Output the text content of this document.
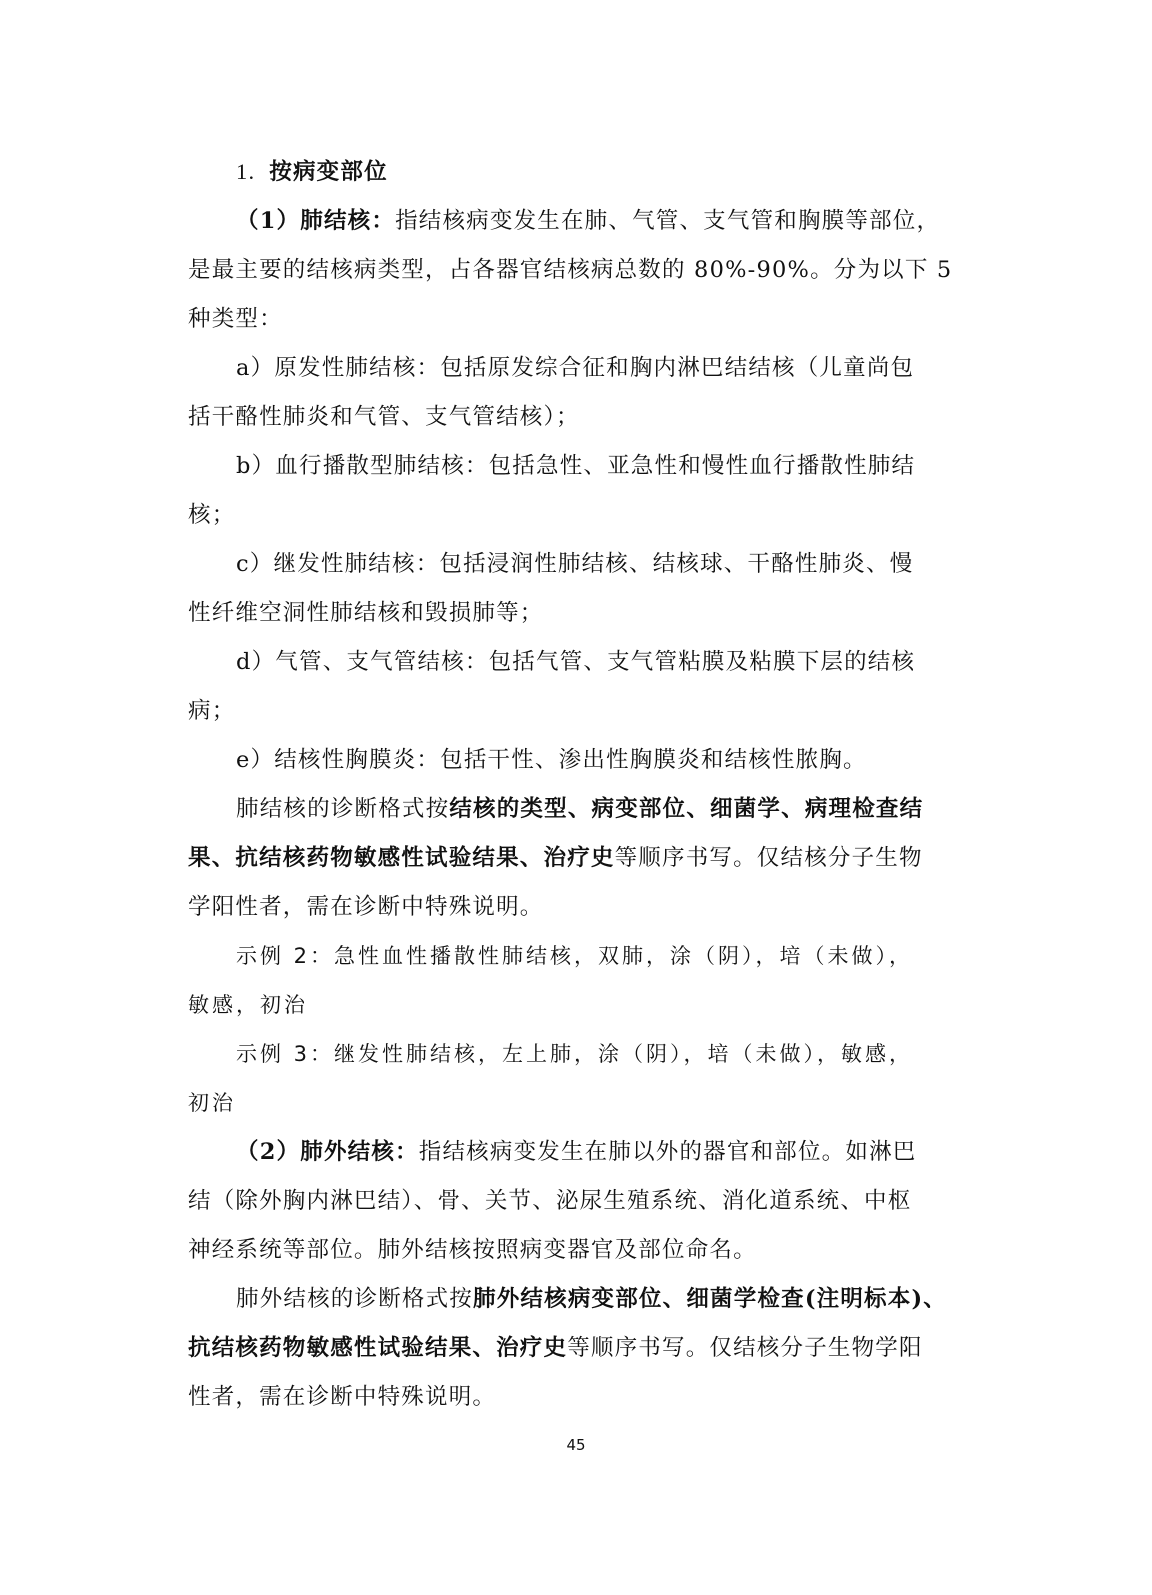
1. 按病变部位
（1）肺结核：指结核病变发生在肺、气管、支气管和胸膜等部位，
是最主要的结核病类型，占各器官结核病总数的 80%-90%。分为以下 5
种类型：
a）原发性肺结核：包括原发综合征和胸内淋巴结结核（儿童尚包
括干酪性肺炎和气管、支气管结核）；
b）血行播散型肺结核：包括急性、亚急性和慢性血行播散性肺结
核；
c）继发性肺结核：包括浸润性肺结核、结核球、干酪性肺炎、慢
性纤维空洞性肺结核和毁损肺等；
d）气管、支气管结核：包括气管、支气管粘膜及粘膜下层的结核
病；
e）结核性胸膜炎：包括干性、渗出性胸膜炎和结核性脓胸。
肺结核的诊断格式按结核的类型、病变部位、细菌学、病理检查结
果、抗结核药物敏感性试验结果、治疗史等顺序书写。仅结核分子生物
学阳性者，需在诊断中特殊说明。
示例 2：急性血性播散性肺结核，双肺，涂（阴），培（未做），
敏感，初治
示例 3：继发性肺结核，左上肺，涂（阴），培（未做），敏感，
初治
（2）肺外结核：指结核病变发生在肺以外的器官和部位。如淋巴
结（除外胸内淋巴结）、骨、关节、泌尿生殖系统、消化道系统、中枢
神经系统等部位。肺外结核按照病变器官及部位命名。
肺外结核的诊断格式按肺外结核病变部位、细菌学检查(注明标本)、
抗结核药物敏感性试验结果、治疗史等顺序书写。仅结核分子生物学阳
性者，需在诊断中特殊说明。
45
